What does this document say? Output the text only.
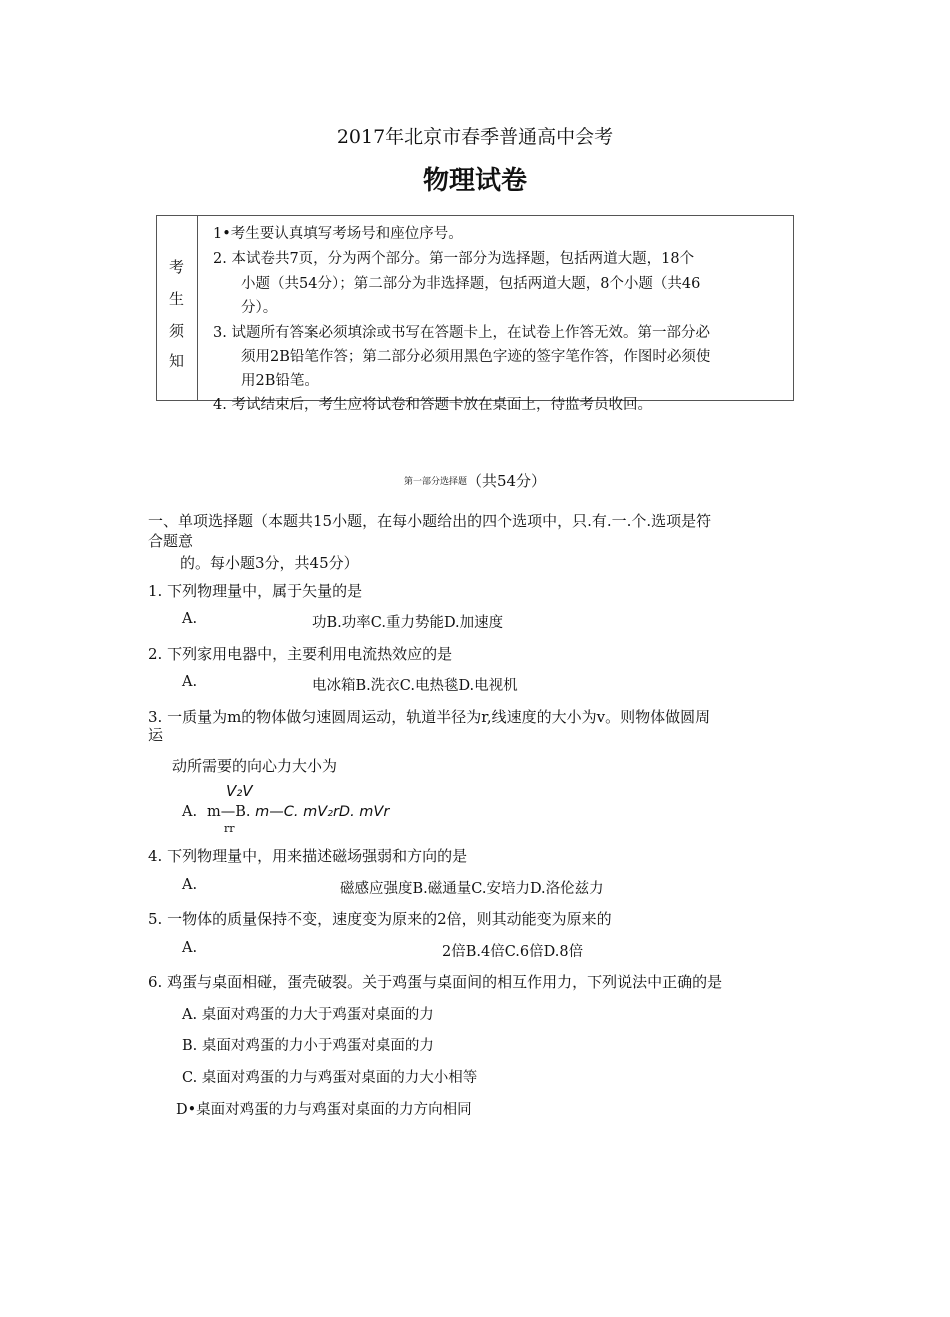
2017年北京市春季普通高中会考
物理试卷
考
生
须
知
1•考生要认真填写考场号和座位序号。
2. 本试卷共7页，分为两个部分。第一部分为选择题，包括两道大题，18个
小题（共54分）；第二部分为非选择题，包括两道大题，8个小题（共46
分）。
3. 试题所有答案必须填涂或书写在答题卡上，在试卷上作答无效。第一部分必
须用2B铅笔作答；第二部分必须用黑色字迹的签字笔作答，作图时必须使
用2B铅笔。
4. 考试结束后，考生应将试卷和答题卡放在桌面上，待监考员收回。
第一部分选择题（共54分）
一、单项选择题（本题共15小题，在每小题给出的四个选项中，只.有.一.个.选项是符
合题意
的。每小题3分，共45分）
1. 下列物理量中，属于矢量的是
A.	功B.功率C.重力势能D.加速度
2. 下列家用电器中，主要利用电流热效应的是
A.	电冰箱B.洗衣C.电热毯D.电视机
3. 一质量为m的物体做匀速圆周运动，轨道半径为r,线速度的大小为v。则物体做圆周
运
动所需要的向心力大小为
V₂V
A. m—B. m—C. mV₂rD. mVr
rr
4. 下列物理量中，用来描述磁场强弱和方向的是
A.	磁感应强度B.磁通量C.安培力D.洛伦兹力
5. 一物体的质量保持不变，速度变为原来的2倍，则其动能变为原来的
A.	2倍B.4倍C.6倍D.8倍
6. 鸡蛋与桌面相碰，蛋壳破裂。关于鸡蛋与桌面间的相互作用力，下列说法中正确的是
A. 桌面对鸡蛋的力大于鸡蛋对桌面的力
B. 桌面对鸡蛋的力小于鸡蛋对桌面的力
C. 桌面对鸡蛋的力与鸡蛋对桌面的力大小相等
D•桌面对鸡蛋的力与鸡蛋对桌面的力方向相同
